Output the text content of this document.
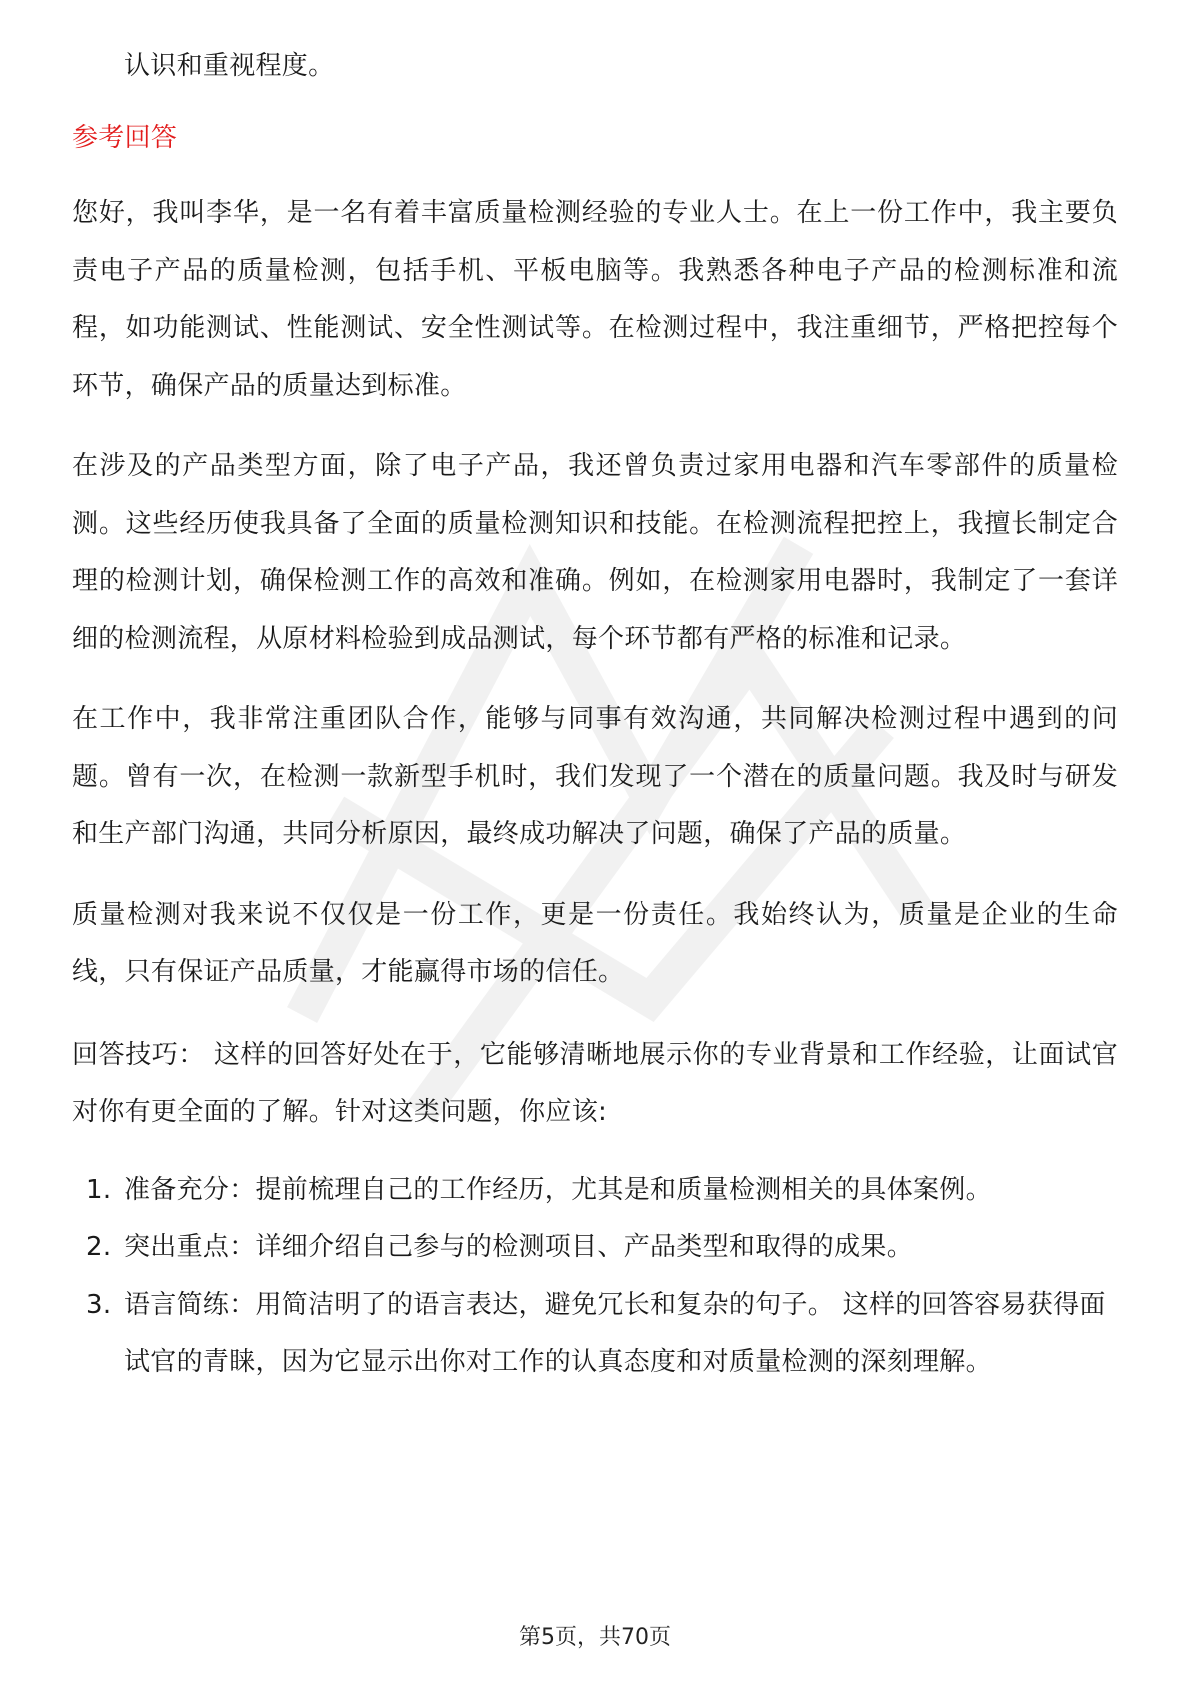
认识和重视程度。

参考回答

您好，我叫李华，是一名有着丰富质量检测经验的专业人士。在上一份工作中，我主要负责电子产品的质量检测，包括手机、平板电脑等。我熟悉各种电子产品的检测标准和流程，如功能测试、性能测试、安全性测试等。在检测过程中，我注重细节，严格把控每个环节，确保产品的质量达到标准。

在涉及的产品类型方面，除了电子产品，我还曾负责过家用电器和汽车零部件的质量检测。这些经历使我具备了全面的质量检测知识和技能。在检测流程把控上，我擅长制定合理的检测计划，确保检测工作的高效和准确。例如，在检测家用电器时，我制定了一套详细的检测流程，从原材料检验到成品测试，每个环节都有严格的标准和记录。

在工作中，我非常注重团队合作，能够与同事有效沟通，共同解决检测过程中遇到的问题。曾有一次，在检测一款新型手机时，我们发现了一个潜在的质量问题。我及时与研发和生产部门沟通，共同分析原因，最终成功解决了问题，确保了产品的质量。

质量检测对我来说不仅仅是一份工作，更是一份责任。我始终认为，质量是企业的生命线，只有保证产品质量，才能赢得市场的信任。

回答技巧： 这样的回答好处在于，它能够清晰地展示你的专业背景和工作经验，让面试官对你有更全面的了解。针对这类问题，你应该:

1. 准备充分：提前梳理自己的工作经历，尤其是和质量检测相关的具体案例。
2. 突出重点：详细介绍自己参与的检测项目、产品类型和取得的成果。
3. 语言简练：用简洁明了的语言表达，避免冗长和复杂的句子。 这样的回答容易获得面试官的青睐，因为它显示出你对工作的认真态度和对质量检测的深刻理解。
第5页，共70页
